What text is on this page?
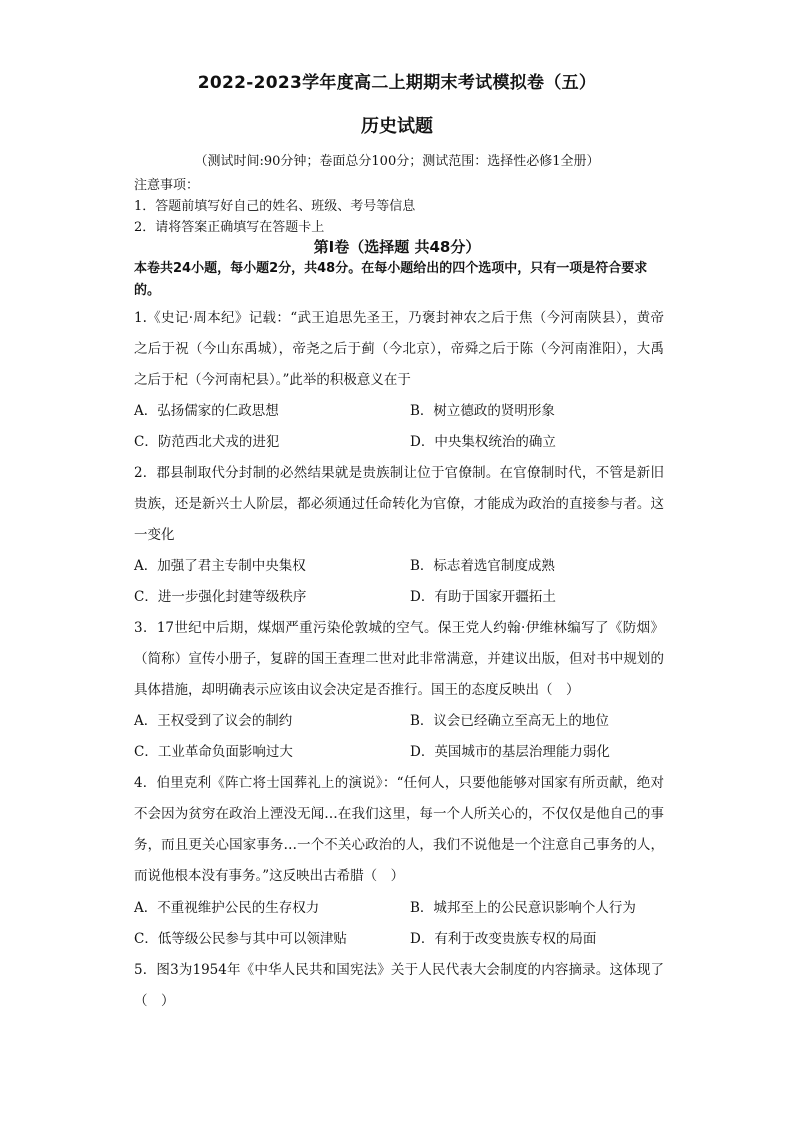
2022-2023学年度高二上期期末考试模拟卷（五）
历史试题
（测试时间:90分钟；卷面总分100分；测试范围：选择性必修1全册）
注意事项：
1．答题前填写好自己的姓名、班级、考号等信息
2．请将答案正确填写在答题卡上
第I卷（选择题 共48分）
本卷共24小题，每小题2分，共48分。在每小题给出的四个选项中，只有一项是符合要求的。
1.《史记·周本纪》记载：“武王追思先圣王，乃褒封神农之后于焦（今河南陕县），黄帝之后于祝（今山东禹城），帝尧之后于蓟（今北京），帝舜之后于陈（今河南淮阳），大禹之后于杞（今河南杞县）。”此举的积极意义在于
A．弘扬儒家的仁政思想	B．树立德政的贤明形象
C．防范西北犬戎的进犯	D．中央集权统治的确立
2．郡县制取代分封制的必然结果就是贵族制让位于官僚制。在官僚制时代，不管是新旧贵族，还是新兴士人阶层，都必须通过任命转化为官僚，才能成为政治的直接参与者。这一变化
A．加强了君主专制中央集权	B．标志着选官制度成熟
C．进一步强化封建等级秩序	D．有助于国家开疆拓土
3．17世纪中后期，煤烟严重污染伦敦城的空气。保王党人约翰·伊维林编写了《防烟》（简称）宣传小册子，复辟的国王查理二世对此非常满意，并建议出版，但对书中规划的具体措施，却明确表示应该由议会决定是否推行。国王的态度反映出（　）
A．王权受到了议会的制约	B．议会已经确立至高无上的地位
C．工业革命负面影响过大	D．英国城市的基层治理能力弱化
4．伯里克利《阵亡将士国葬礼上的演说》：“任何人，只要他能够对国家有所贡献，绝对不会因为贫穷在政治上湮没无闻…在我们这里，每一个人所关心的，不仅仅是他自己的事务，而且更关心国家事务…一个不关心政治的人，我们不说他是一个注意自己事务的人，而说他根本没有事务。”这反映出古希腊（　）
A．不重视维护公民的生存权力	B．城邦至上的公民意识影响个人行为
C．低等级公民参与其中可以领津贴	D．有利于改变贵族专权的局面
5．图3为1954年《中华人民共和国宪法》关于人民代表大会制度的内容摘录。这体现了（　）
